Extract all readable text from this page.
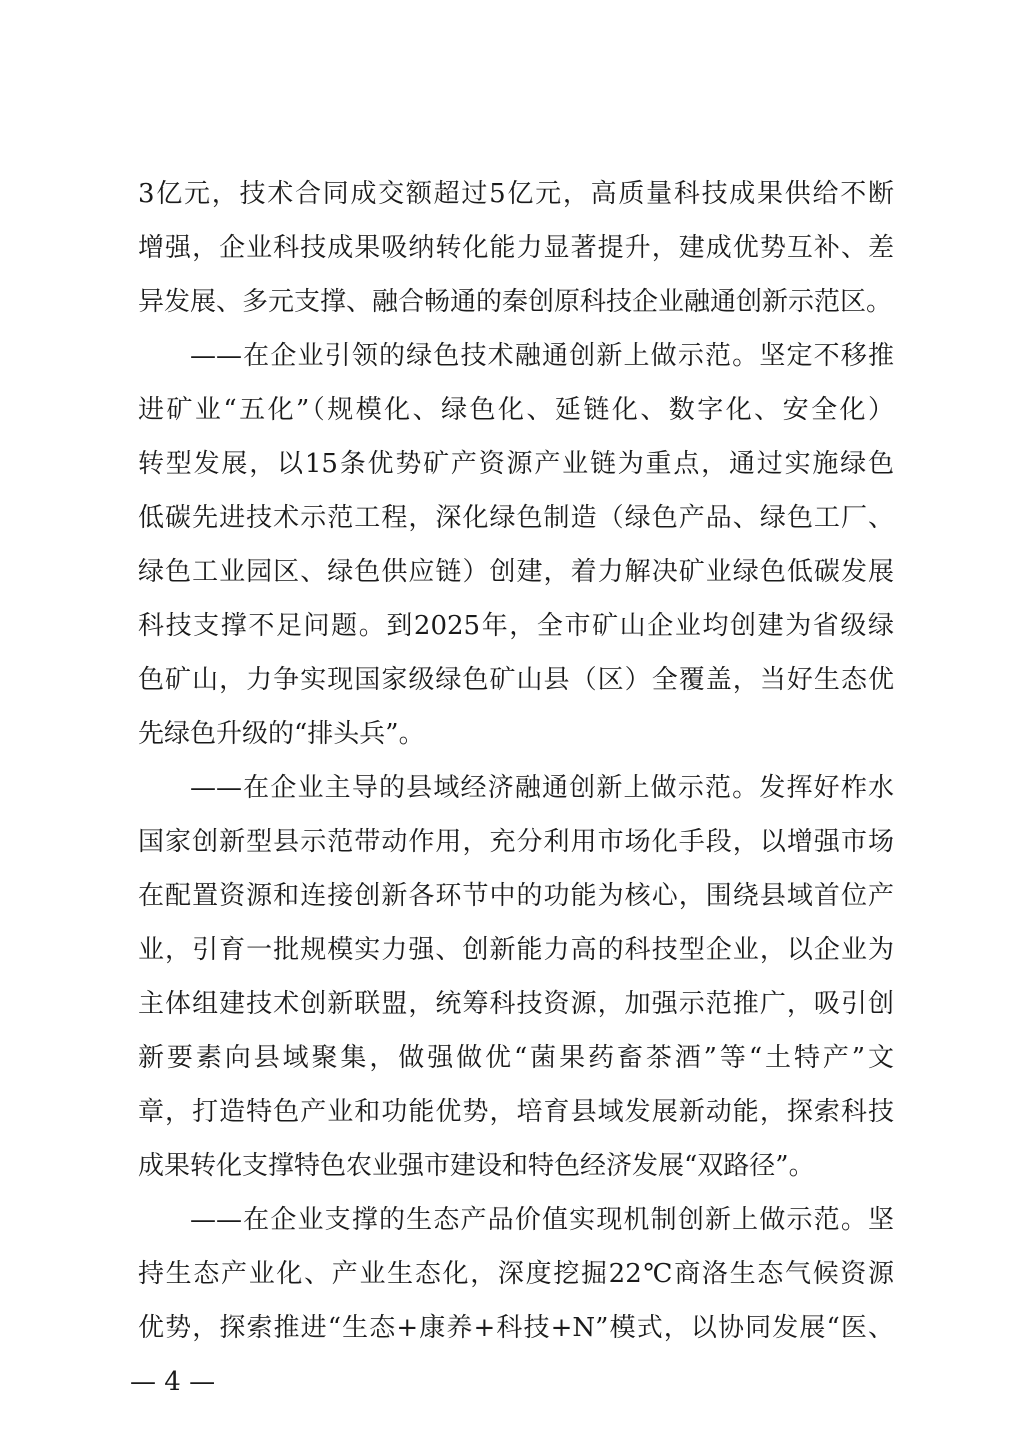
3亿元，技术合同成交额超过5亿元，高质量科技成果供给不断
增强，企业科技成果吸纳转化能力显著提升，建成优势互补、差
异发展、多元支撑、融合畅通的秦创原科技企业融通创新示范区。
——在企业引领的绿色技术融通创新上做示范。坚定不移推
进矿业“五化”（规模化、绿色化、延链化、数字化、安全化）
转型发展，以15条优势矿产资源产业链为重点，通过实施绿色
低碳先进技术示范工程，深化绿色制造（绿色产品、绿色工厂、
绿色工业园区、绿色供应链）创建，着力解决矿业绿色低碳发展
科技支撑不足问题。到2025年，全市矿山企业均创建为省级绿
色矿山，力争实现国家级绿色矿山县（区）全覆盖，当好生态优
先绿色升级的“排头兵”。
——在企业主导的县域经济融通创新上做示范。发挥好柞水
国家创新型县示范带动作用，充分利用市场化手段，以增强市场
在配置资源和连接创新各环节中的功能为核心，围绕县域首位产
业，引育一批规模实力强、创新能力高的科技型企业，以企业为
主体组建技术创新联盟，统筹科技资源，加强示范推广，吸引创
新要素向县域聚集，做强做优“菌果药畜茶酒”等“土特产”文
章，打造特色产业和功能优势，培育县域发展新动能，探索科技
成果转化支撑特色农业强市建设和特色经济发展“双路径”。
——在企业支撑的生态产品价值实现机制创新上做示范。坚
持生态产业化、产业生态化，深度挖掘22℃商洛生态气候资源
优势，探索推进“生态+康养+科技+N”模式，以协同发展“医、
— 4 —
